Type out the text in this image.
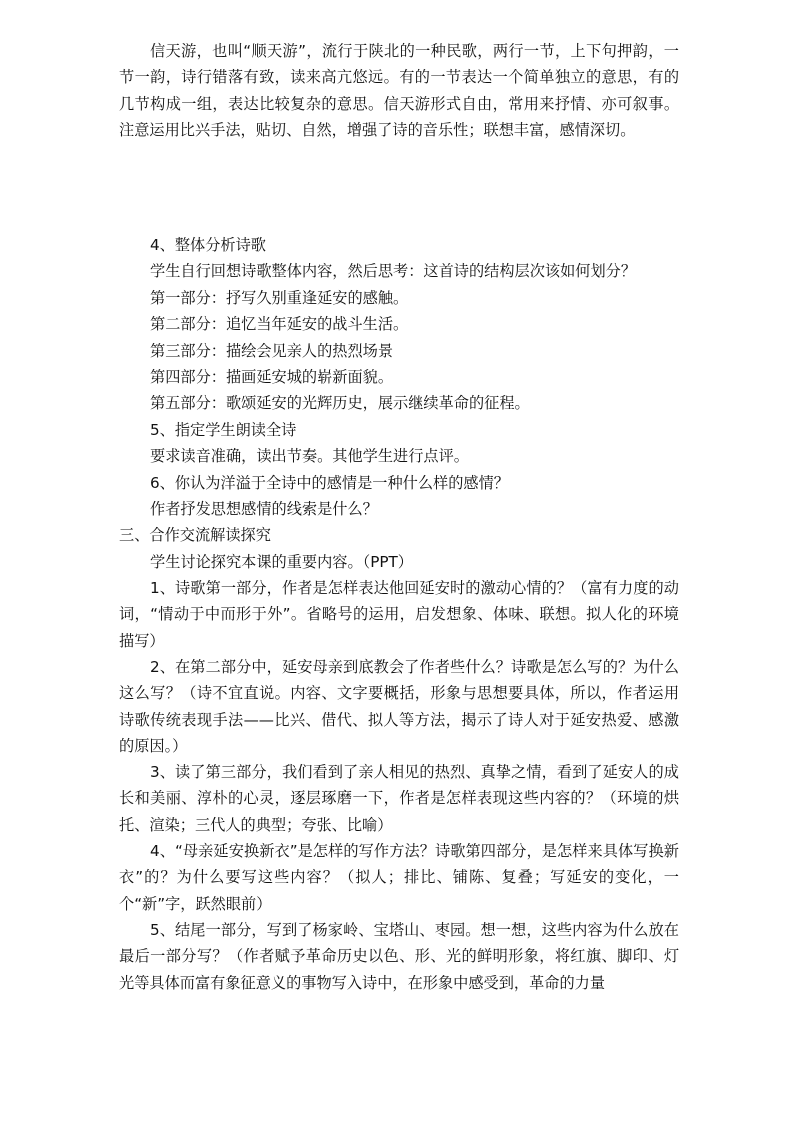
信天游，也叫“顺天游”，流行于陕北的一种民歌，两行一节，上下句押韵，一节一韵，诗行错落有致，读来高亢悠远。有的一节表达一个简单独立的意思，有的几节构成一组，表达比较复杂的意思。信天游形式自由，常用来抒情、亦可叙事。注意运用比兴手法，贴切、自然，增强了诗的音乐性；联想丰富，感情深切。

4、整体分析诗歌

学生自行回想诗歌整体内容，然后思考：这首诗的结构层次该如何划分？

第一部分：抒写久别重逢延安的感触。

第二部分：追忆当年延安的战斗生活。

第三部分：描绘会见亲人的热烈场景

第四部分：描画延安城的崭新面貌。

第五部分：歌颂延安的光辉历史，展示继续革命的征程。

5、指定学生朗读全诗

要求读音准确，读出节奏。其他学生进行点评。

6、你认为洋溢于全诗中的感情是一种什么样的感情？

作者抒发思想感情的线索是什么？

三、合作交流解读探究

学生讨论探究本课的重要内容。（PPT）

1、诗歌第一部分，作者是怎样表达他回延安时的激动心情的？（富有力度的动词，“情动于中而形于外”。省略号的运用，启发想象、体味、联想。拟人化的环境描写）

2、在第二部分中，延安母亲到底教会了作者些什么？诗歌是怎么写的？为什么这么写？（诗不宜直说。内容、文字要概括，形象与思想要具体，所以，作者运用诗歌传统表现手法——比兴、借代、拟人等方法，揭示了诗人对于延安热爱、感激的原因。）

3、读了第三部分，我们看到了亲人相见的热烈、真挚之情，看到了延安人的成长和美丽、淳朴的心灵，逐层琢磨一下，作者是怎样表现这些内容的？（环境的烘托、渲染；三代人的典型；夸张、比喻）

4、“母亲延安换新衣”是怎样的写作方法？诗歌第四部分，是怎样来具体写换新衣”的？为什么要写这些内容？（拟人；排比、铺陈、复叠；写延安的变化，一个“新”字，跃然眼前）

5、结尾一部分，写到了杨家岭、宝塔山、枣园。想一想，这些内容为什么放在最后一部分写？（作者赋予革命历史以色、形、光的鲜明形象，将红旗、脚印、灯光等具体而富有象征意义的事物写入诗中，在形象中感受到，革命的力量
